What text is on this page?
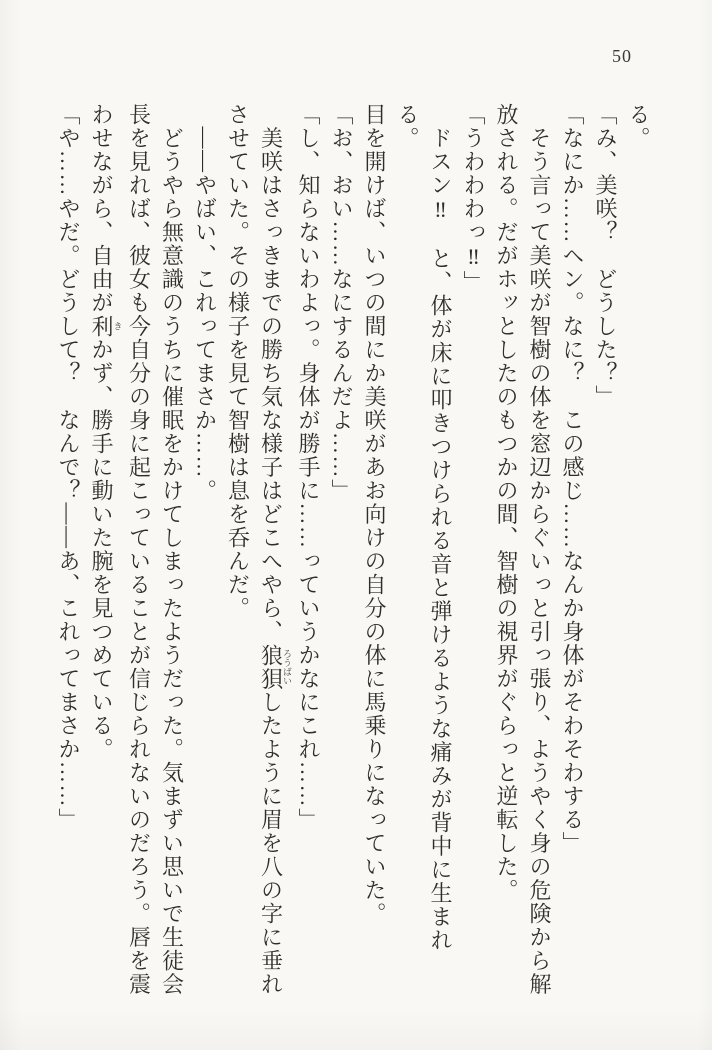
50
る。
「み、美咲？　どうした？」
「なにか……ヘン。なに？　この感じ……なんか身体がそわそわする」
　そう言って美咲が智樹の体を窓辺からぐいっと引っ張り、ようやく身の危険から解
放される。だがホッとしたのもつかの間、智樹の視界がぐらっと逆転した。
「うわわわっ‼」
　ドスン‼　と、体が床に叩きつけられる音と弾けるような痛みが背中に生まれる。
目を開けば、いつの間にか美咲があお向けの自分の体に馬乗りになっていた。
「お、おい……なにするんだよ……」
「し、知らないわよっ。身体が勝手に……っていうかなにこれ……」
　美咲はさっきまでの勝ち気な様子はどこへやら、狼狽ろうばいしたように眉を八の字に垂れ
させていた。その様子を見て智樹は息を呑んだ。
　――やばい、これってまさか……。
　どうやら無意識のうちに催眠をかけてしまったようだった。気まずい思いで生徒会
長を見れば、彼女も今自分の身に起こっていることが信じられないのだろう。唇を震
わせながら、自由が利きかず、勝手に動いた腕を見つめている。
「や……やだ。どうして？　なんで？――あ、これってまさか……」
